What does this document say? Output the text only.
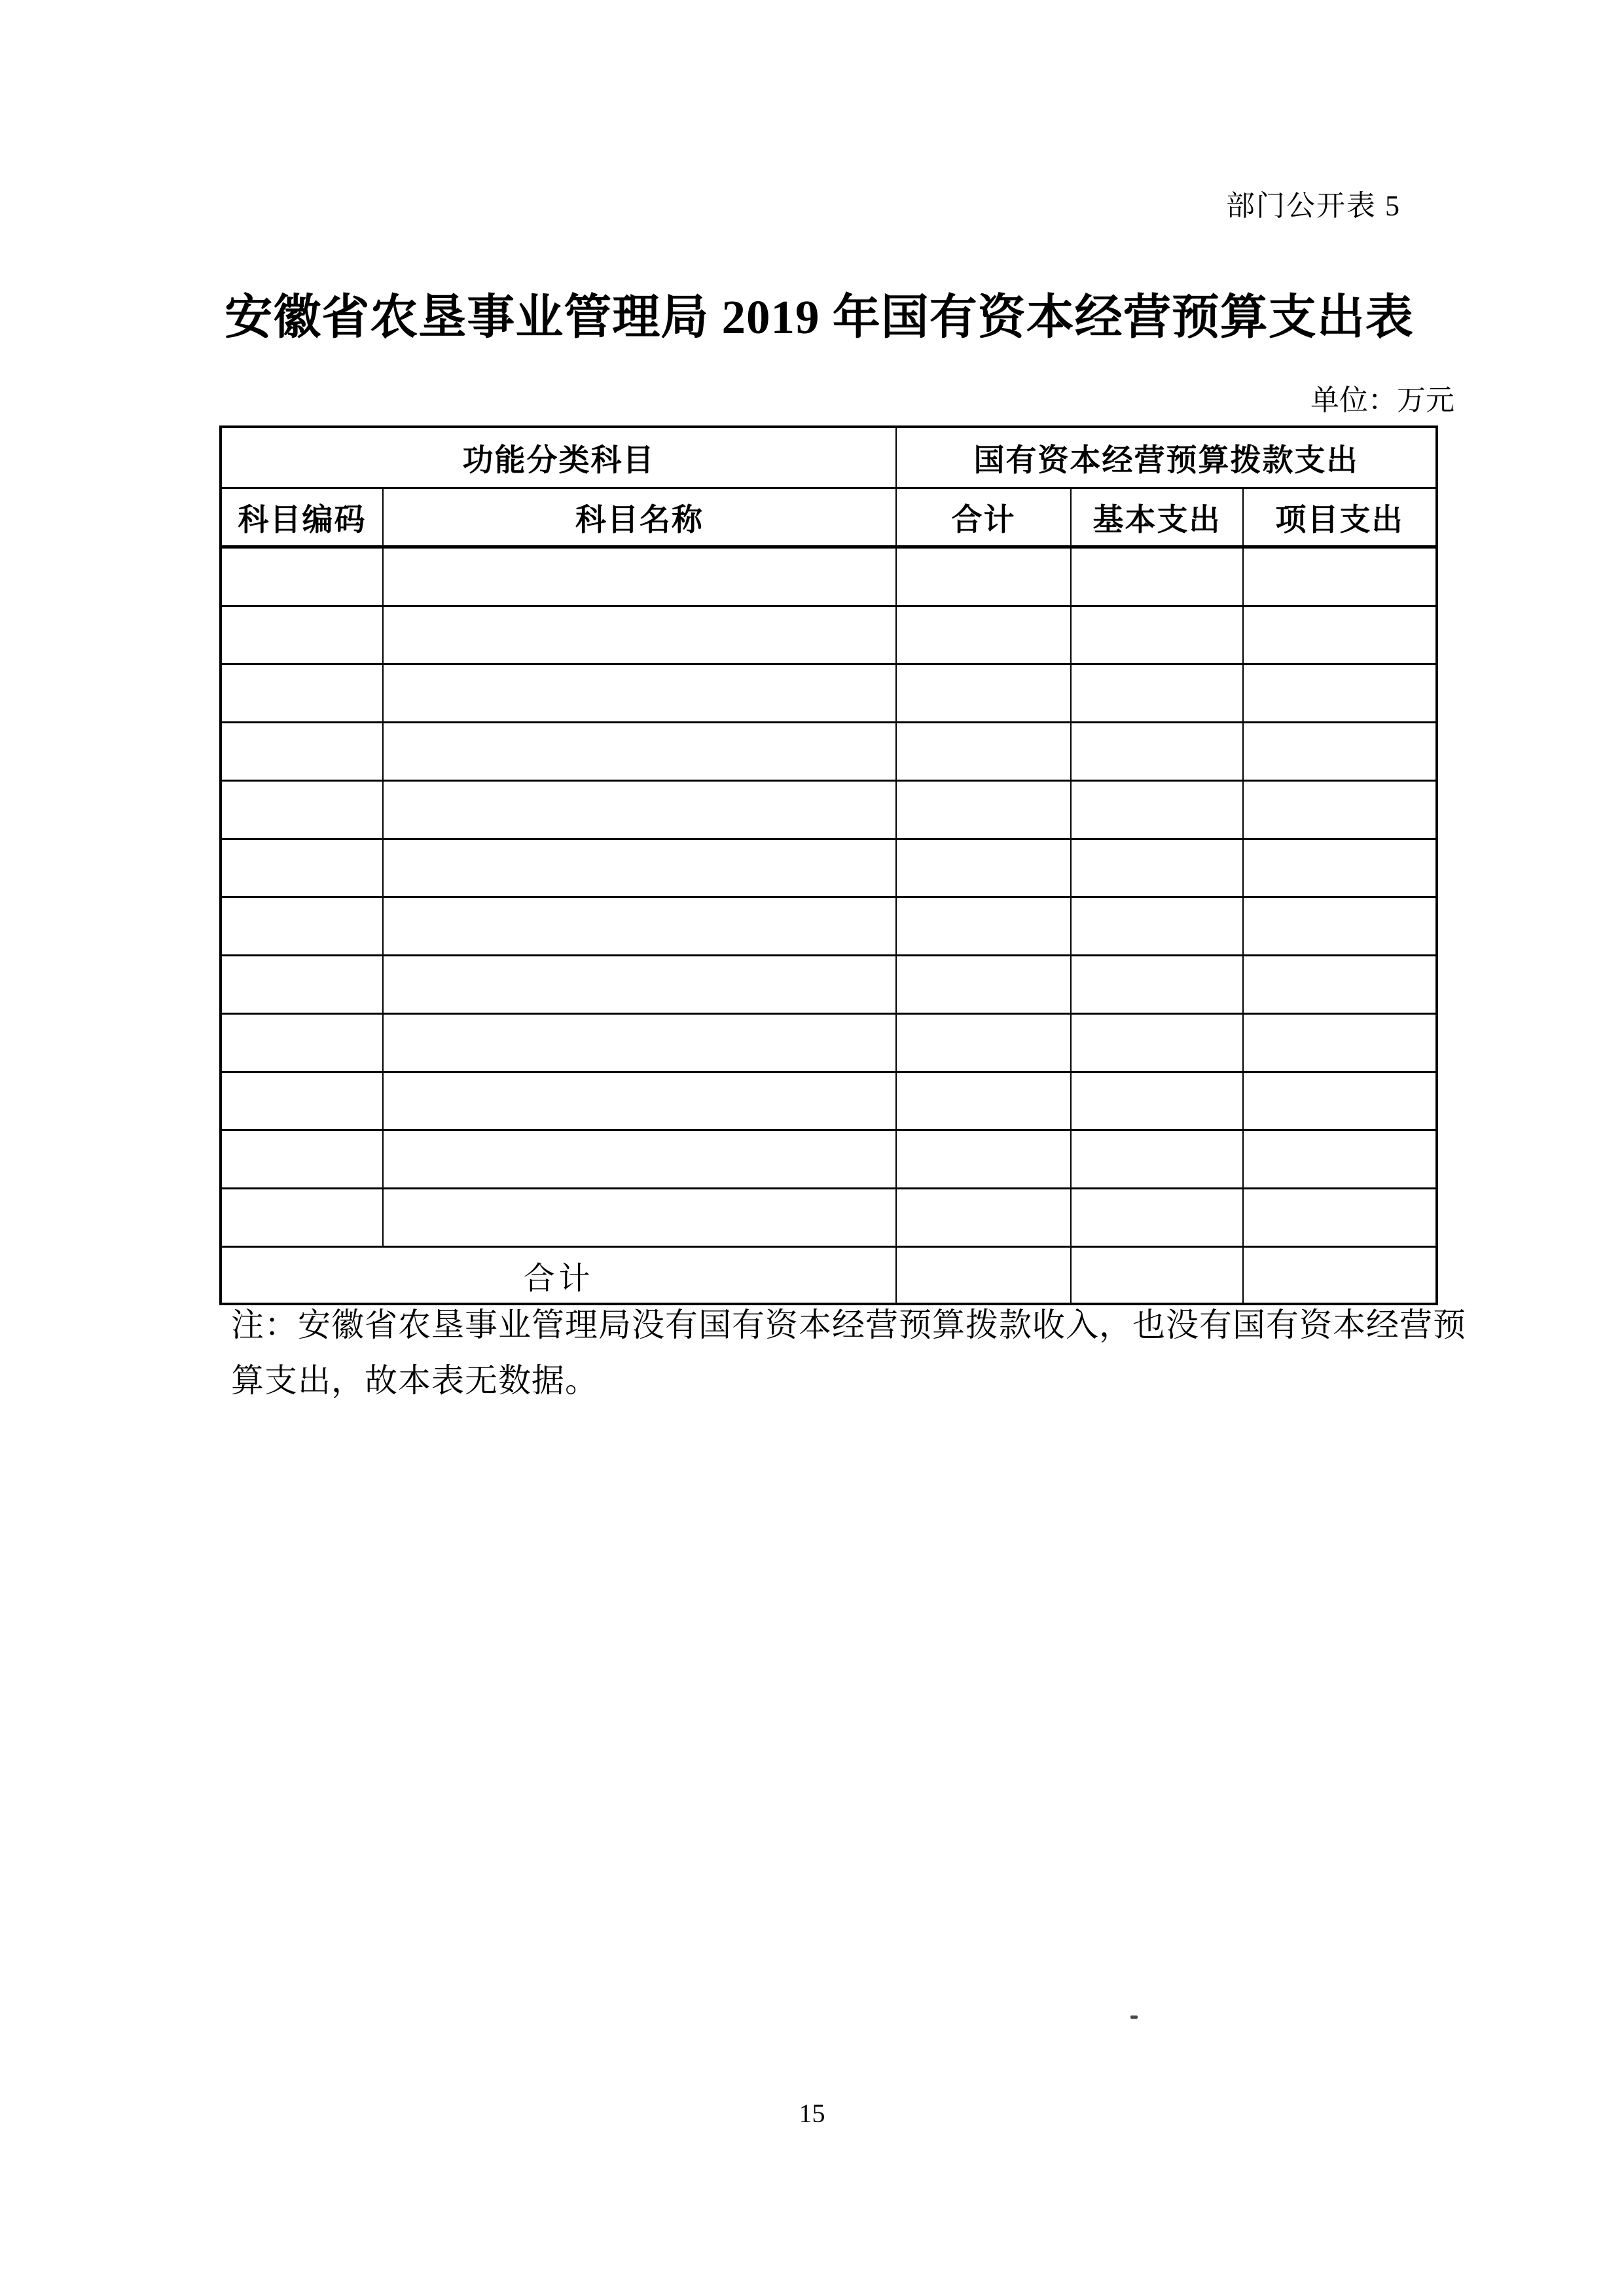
部门公开表 5
安徽省农垦事业管理局 2019 年国有资本经营预算支出表
单位：万元
功能分类科目		国有资本经营预算拨款支出		
科目编码	科目名称	合计	基本支出	项目支出

合计				
注：安徽省农垦事业管理局没有国有资本经营预算拨款收入，也没有国有资本经营预
算支出，故本表无数据。
15
